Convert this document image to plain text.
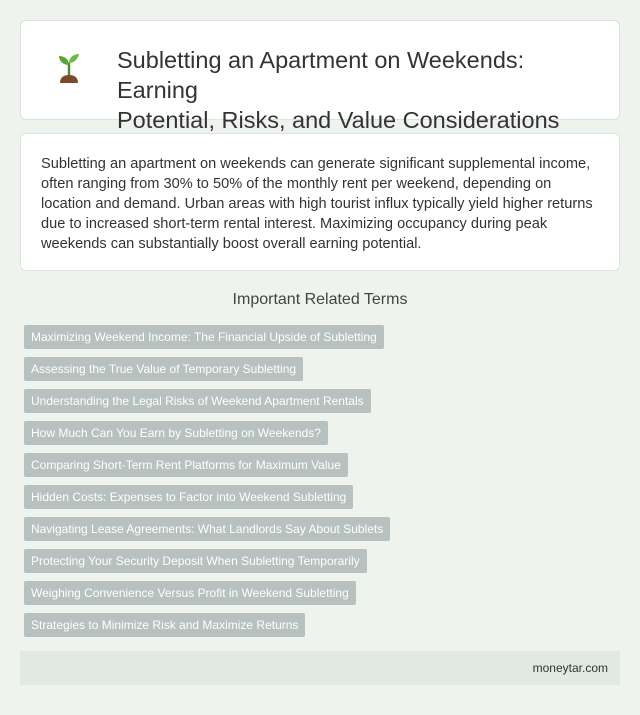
Subletting an Apartment on Weekends: Earning
Potential, Risks, and Value Considerations

Subletting an apartment on weekends can generate significant supplemental income, often ranging from 30% to 50% of the monthly rent per weekend, depending on location and demand. Urban areas with high tourist influx typically yield higher returns due to increased short-term rental interest. Maximizing occupancy during peak weekends can substantially boost overall earning potential.

Important Related Terms
Maximizing Weekend Income: The Financial Upside of Subletting
Assessing the True Value of Temporary Subletting
Understanding the Legal Risks of Weekend Apartment Rentals
How Much Can You Earn by Subletting on Weekends?
Comparing Short-Term Rent Platforms for Maximum Value
Hidden Costs: Expenses to Factor into Weekend Subletting
Navigating Lease Agreements: What Landlords Say About Sublets
Protecting Your Security Deposit When Subletting Temporarily
Weighing Convenience Versus Profit in Weekend Subletting
Strategies to Minimize Risk and Maximize Returns
moneytar.com
